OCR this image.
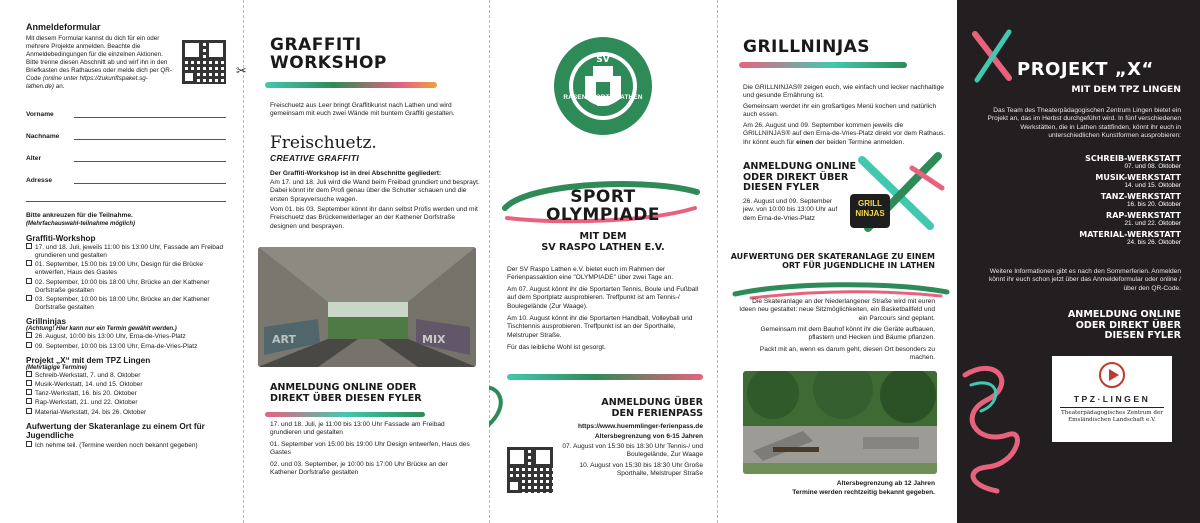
Anmeldeformular
Mit diesem Formular kannst du dich für ein oder mehrere Projekte anmelden. Beachte die Anmeldebedingungen für die einzelnen Aktionen. Bitte trenne diesen Abschnitt ab und wirf ihn in den Briefkasten des Rathauses oder melde dich per QR-Code (online unter https://zukunftspaket.sg-lathen.de) an.
Vorname
Nachname
Alter
Adresse
Bitte ankreuzen für die Teilnahme.
(Mehrfachauswahl-teilnahme möglich)
Graffiti-Workshop
17. und 18. Juli, jeweils 11:00 bis 13:00 Uhr, Fassade am Freibad grundieren und gestalten
01. September, 15:00 bis 19:00 Uhr, Design für die Brücke entwerfen, Haus des Gastes
02. September, 10:00 bis 18:00 Uhr, Brücke an der Kathener Dorfstraße gestalten
03. September, 10:00 bis 18:00 Uhr, Brücke an der Kathener Dorfstraße gestalten
Grillninjas
(Achtung! Hier kann nur ein Termin gewählt werden.)
26. August, 10:00 bis 13:00 Uhr, Erna-de-Vries-Platz
09. September, 10:00 bis 13:00 Uhr, Erna-de-Vries-Platz
Projekt „X“ mit dem TPZ Lingen
(Mehrtägige Termine)
Schreib-Werkstatt, 7. und 8. Oktober
Musik-Werkstatt, 14. und 15. Oktober
Tanz-Werkstatt, 16. bis 20. Oktober
Rap-Werkstatt, 21. und 22. Oktober
Material-Werkstatt, 24. bis 26. Oktober
Aufwertung der Skateranlage zu einem Ort für Jugendliche
Ich nehme teil. (Termine werden noch bekannt gegeben)
✂
GRAFFITI
WORKSHOP
Freischuetz aus Leer bringt Graffitikunst nach Lathen und wird gemeinsam mit euch zwei Wände mit buntem Graffiti gestalten.
Freischuetz.
CREATIVE GRAFFITI
Der Graffiti-Workshop ist in drei Abschnitte gegliedert:
Am 17. und 18. Juli wird die Wand beim Freibad grundiert und besprayt. Dabei könnt ihr dem Profi genau über die Schulter schauen und die ersten Sprayversuche wagen.
Vom 01. bis 03. September könnt ihr dann selbst Profis werden und mit Freischuetz das Brückenwiderlager an der Kathener Dorfstraße designen und besprayen.
ART	MIX
ANMELDUNG ONLINE ODER DIREKT ÜBER DIESEN FYLER
17. und 18. Juli, je 11:00 bis 13:00 Uhr Fassade am Freibad grundieren und gestalten
01. September von 15:00 bis 19:00 Uhr Design entwerfen, Haus des Gastes
02. und 03. September, je 10:00 bis 17:00 Uhr Brücke an der Kathener Dorfstraße gestalten
SV
RASENSPORT · LATHEN E.V.
SPORT
OLYMPIADE
MIT DEM
SV RASPO LATHEN E.V.
Der SV Raspo Lathen e.V. bietet euch im Rahmen der Ferienpassaktion eine "OLYMPIADE" über zwei Tage an.
Am 07. August könnt ihr die Sportarten Tennis, Boule und Fußball auf dem Sportplatz ausprobieren. Treffpunkt ist am Tennis-/ Boulegelände (Zur Waage).
Am 10. August könnt ihr die Sportarten Handball, Volleyball und Tischtennis ausprobieren. Treffpunkt ist an der Sporthalle, Melstruper Straße.
Für das leibliche Wohl ist gesorgt.
ANMELDUNG ÜBER
DEN FERIENPASS
https://www.huemmlinger-ferienpass.de
Altersbegrenzung von 6-15 Jahren
07. August von 15:30 bis 18:30 Uhr Tennis-/ und Boulegelände, Zur Waage
10. August von 15:30 bis 18:30 Uhr Große Sporthalle, Melstruper Straße
GRILLNINJAS
Die GRILLNINJAS® zeigen euch, wie einfach und lecker nachhaltige und gesunde Ernährung ist.
Gemeinsam werdet ihr ein großartiges Menü kochen und natürlich auch essen.
Am 26. August und 09. September kommen jeweils die GRILLNINJAS® auf den Erna-de-Vries-Platz direkt vor dem Rathaus. Ihr könnt euch für einen der beiden Termine anmelden.
ANMELDUNG ONLINE ODER DIREKT ÜBER DIESEN FYLER
26. August und 09. September jew. von 10:00 bis 13:00 Uhr auf dem Erna-de-Vries-Platz
GRILL
NINJAS
AUFWERTUNG DER SKATERANLAGE ZU EINEM ORT FÜR JUGENDLICHE IN LATHEN
Die Skateranlage an der Niederlangener Straße wird mit euren Ideen neu gestaltet: neue Sitzmöglichkeiten, ein Basketballfeld und ein Parcours sind geplant.
Gemeinsam mit dem Bauhof könnt ihr die Geräte aufbauen, pflastern und Hecken und Bäume pflanzen.
Packt mit an, wenn es darum geht, diesen Ort besonders zu machen.
Altersbegrenzung ab 12 Jahren
Termine werden rechtzeitig bekannt gegeben.
PROJEKT „X“
MIT DEM TPZ LINGEN
Das Team des Theaterpädagogischen Zentrum Lingen bietet ein Projekt an, das im Herbst durchgeführt wird. In fünf verschiedenen Werkstätten, die in Lathen stattfinden, könnt ihr euch in unterschiedlichen Kunstformen ausprobieren:
SCHREIB-WERKSTATT
07. und 08. Oktober
MUSIK-WERKSTATT
14. und 15. Oktober
TANZ-WERKSTATT
16. bis 20. Oktober
RAP-WERKSTATT
21. und 22. Oktober
MATERIAL-WERKSTATT
24. bis 26. Oktober
Weitere Informationen gibt es nach den Sommerferien. Anmelden könnt ihr euch schon jetzt über das Anmeldeformular oder online / über den QR-Code.
ANMELDUNG ONLINE ODER DIREKT ÜBER DIESEN FYLER
TPZ·LINGEN
Theaterpädagogisches Zentrum der Emsländischen Landschaft e.V.
